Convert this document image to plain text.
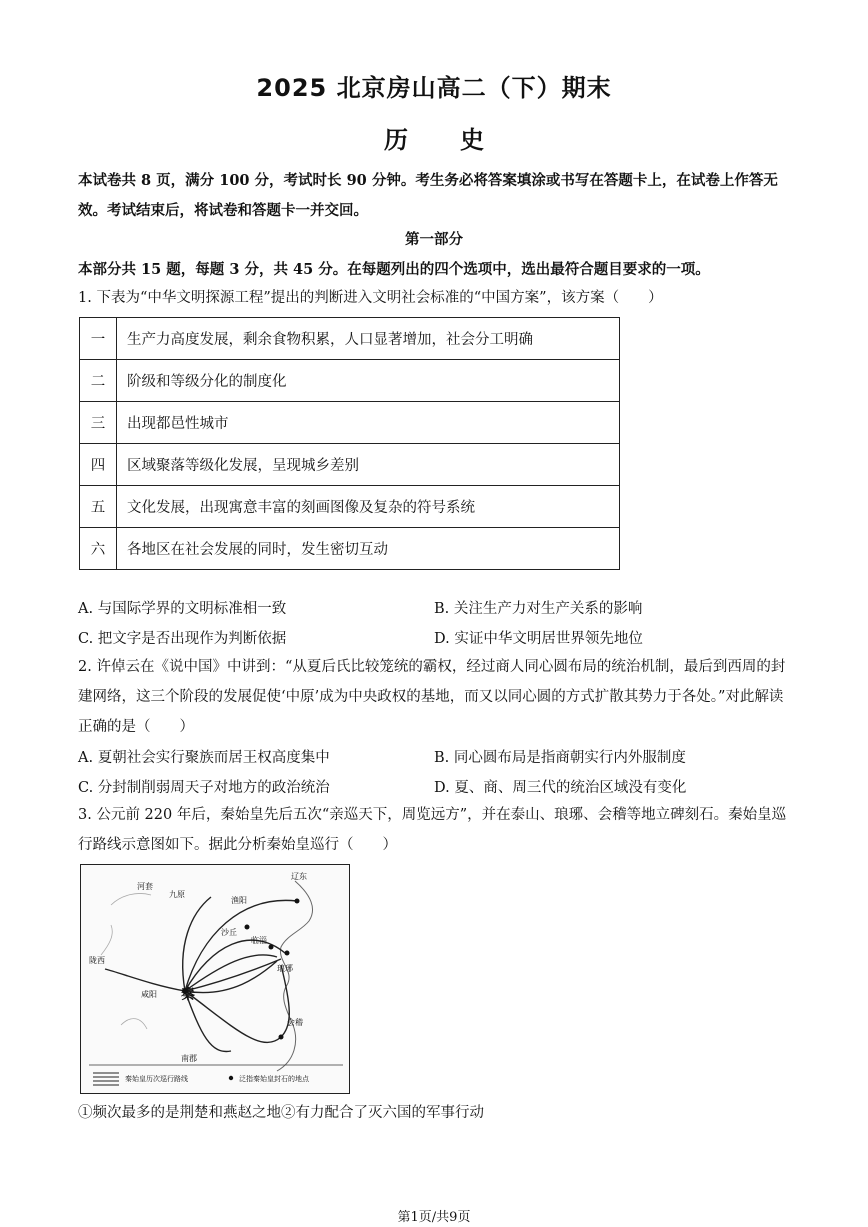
2025 北京房山高二（下）期末
历 史
本试卷共 8 页，满分 100 分，考试时长 90 分钟。考生务必将答案填涂或书写在答题卡上，在试卷上作答无效。考试结束后，将试卷和答题卡一并交回。
第一部分
本部分共 15 题，每题 3 分，共 45 分。在每题列出的四个选项中，选出最符合题目要求的一项。
1. 下表为“中华文明探源工程”提出的判断进入文明社会标准的“中国方案”，该方案（　　）
一	生产力高度发展，剩余食物积累，人口显著增加，社会分工明确
二	阶级和等级分化的制度化
三	出现都邑性城市
四	区域聚落等级化发展，呈现城乡差别
五	文化发展，出现寓意丰富的刻画图像及复杂的符号系统
六	各地区在社会发展的同时，发生密切互动
A. 与国际学界的文明标准相一致	B. 关注生产力对生产关系的影响
C. 把文字是否出现作为判断依据	D. 实证中华文明居世界领先地位
2. 许倬云在《说中国》中讲到：“从夏后氏比较笼统的霸权，经过商人同心圆布局的统治机制，最后到西周的封建网络，这三个阶段的发展促使‘中原’成为中央政权的基地，而又以同心圆的方式扩散其势力于各处。”对此解读正确的是（　　）
A. 夏朝社会实行聚族而居王权高度集中	B. 同心圆布局是指商朝实行内外服制度
C. 分封制削弱周天子对地方的政治统治	D. 夏、商、周三代的统治区域没有变化
3. 公元前 220 年后，秦始皇先后五次“亲巡天下，周览远方”，并在泰山、琅琊、会稽等地立碑刻石。秦始皇巡行路线示意图如下。据此分析秦始皇巡行（　　）
辽东
九原
渔阳
沙丘
临淄
琅琊
陇西
咸阳 秦
会稽
南郡
河套
秦始皇历次巡行路线	泛指秦始皇封石的地点
①频次最多的是荆楚和燕赵之地②有力配合了灭六国的军事行动
第1页/共9页
